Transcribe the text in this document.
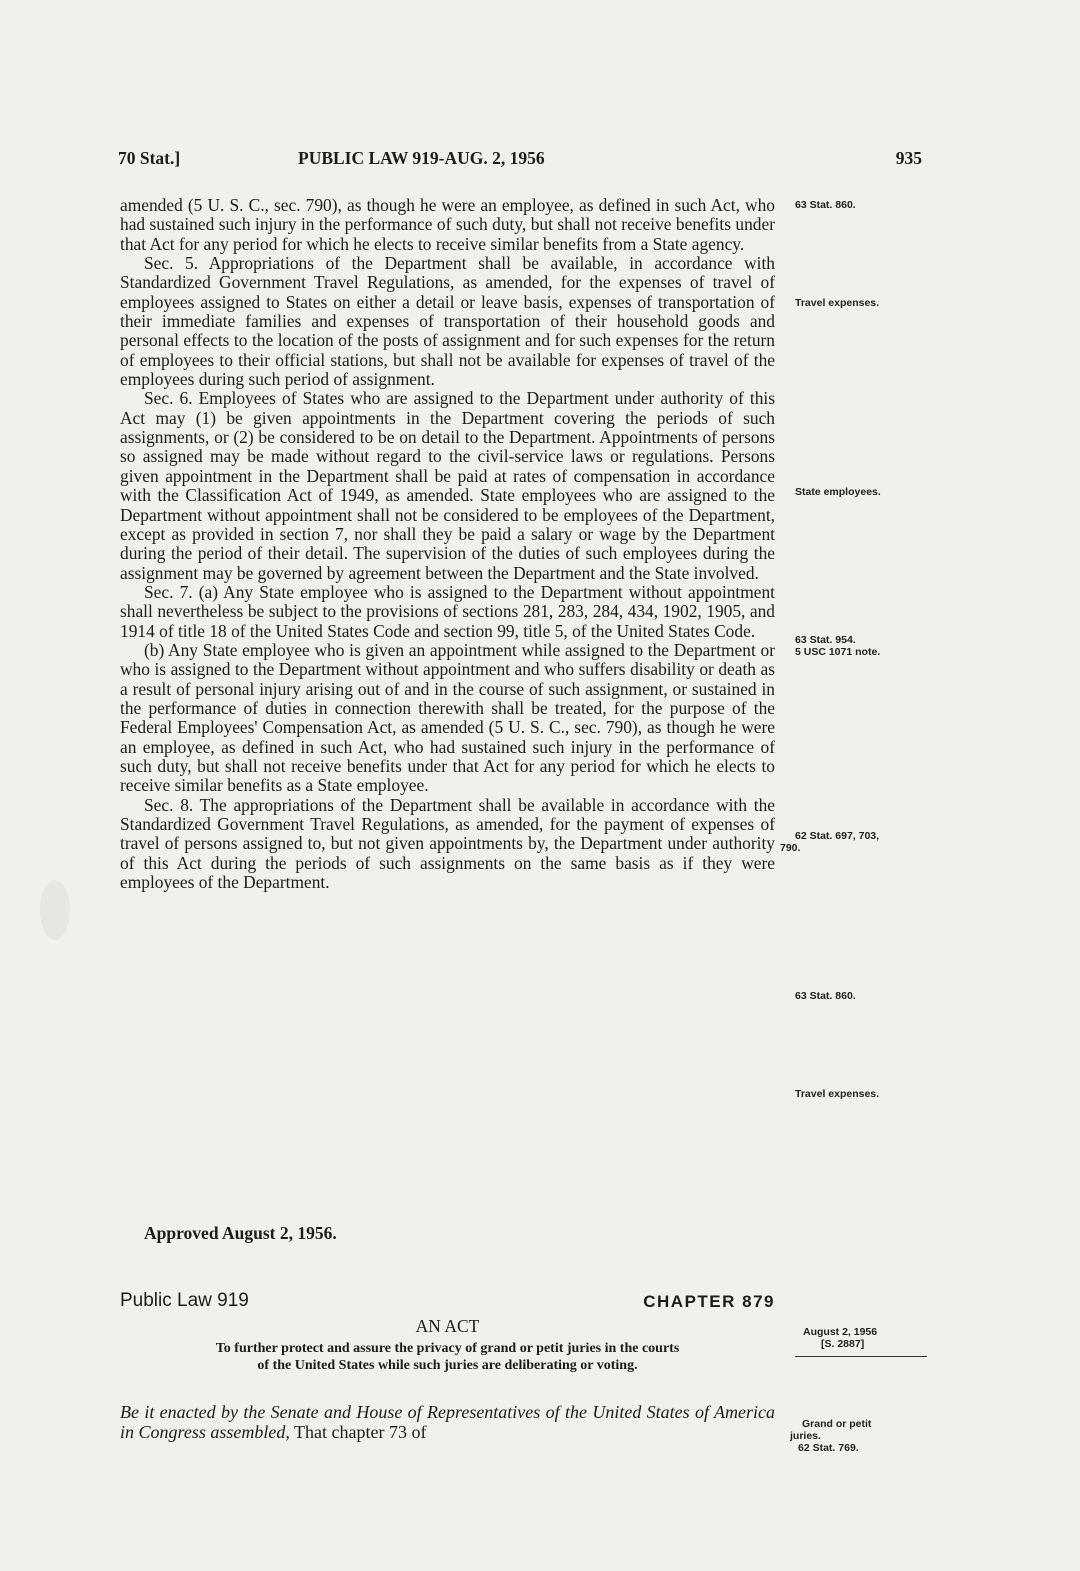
70 Stat.]	PUBLIC LAW 919-AUG. 2, 1956	935

amended (5 U. S. C., sec. 790), as though he were an employee, as defined in such Act, who had sustained such injury in the performance of such duty, but shall not receive benefits under that Act for any period for which he elects to receive similar benefits from a State agency.

Sec. 5. Appropriations of the Department shall be available, in accordance with Standardized Government Travel Regulations, as amended, for the expenses of travel of employees assigned to States on either a detail or leave basis, expenses of transportation of their immediate families and expenses of transportation of their household goods and personal effects to the location of the posts of assignment and for such expenses for the return of employees to their official stations, but shall not be available for expenses of travel of the employees during such period of assignment.

Sec. 6. Employees of States who are assigned to the Department under authority of this Act may (1) be given appointments in the Department covering the periods of such assignments, or (2) be considered to be on detail to the Department. Appointments of persons so assigned may be made without regard to the civil-service laws or regulations. Persons given appointment in the Department shall be paid at rates of compensation in accordance with the Classification Act of 1949, as amended. State employees who are assigned to the Department without appointment shall not be considered to be employees of the Department, except as provided in section 7, nor shall they be paid a salary or wage by the Department during the period of their detail. The supervision of the duties of such employees during the assignment may be governed by agreement between the Department and the State involved.

Sec. 7. (a) Any State employee who is assigned to the Department without appointment shall nevertheless be subject to the provisions of sections 281, 283, 284, 434, 1902, 1905, and 1914 of title 18 of the United States Code and section 99, title 5, of the United States Code.

(b) Any State employee who is given an appointment while assigned to the Department or who is assigned to the Department without appointment and who suffers disability or death as a result of personal injury arising out of and in the course of such assignment, or sustained in the performance of duties in connection therewith shall be treated, for the purpose of the Federal Employees' Compensation Act, as amended (5 U. S. C., sec. 790), as though he were an employee, as defined in such Act, who had sustained such injury in the performance of such duty, but shall not receive benefits under that Act for any period for which he elects to receive similar benefits as a State employee.

Sec. 8. The appropriations of the Department shall be available in accordance with the Standardized Government Travel Regulations, as amended, for the payment of expenses of travel of persons assigned to, but not given appointments by, the Department under authority of this Act during the periods of such assignments on the same basis as if they were employees of the Department.

Approved August 2, 1956.
Public Law 919	CHAPTER 879
AN ACT
To further protect and assure the privacy of grand or petit juries in the courts
of the United States while such juries are deliberating or voting.
Be it enacted by the Senate and House of Representatives of the United States of America in Congress assembled, That chapter 73 of
63 Stat. 860.
Travel expenses.
State employees.
63 Stat. 954.
5 USC 1071 note.
62 Stat. 697, 703,
790.
63 Stat. 860.
Travel expenses.
August 2, 1956
[S. 2887]
Grand or petit
juries.
62 Stat. 769.
